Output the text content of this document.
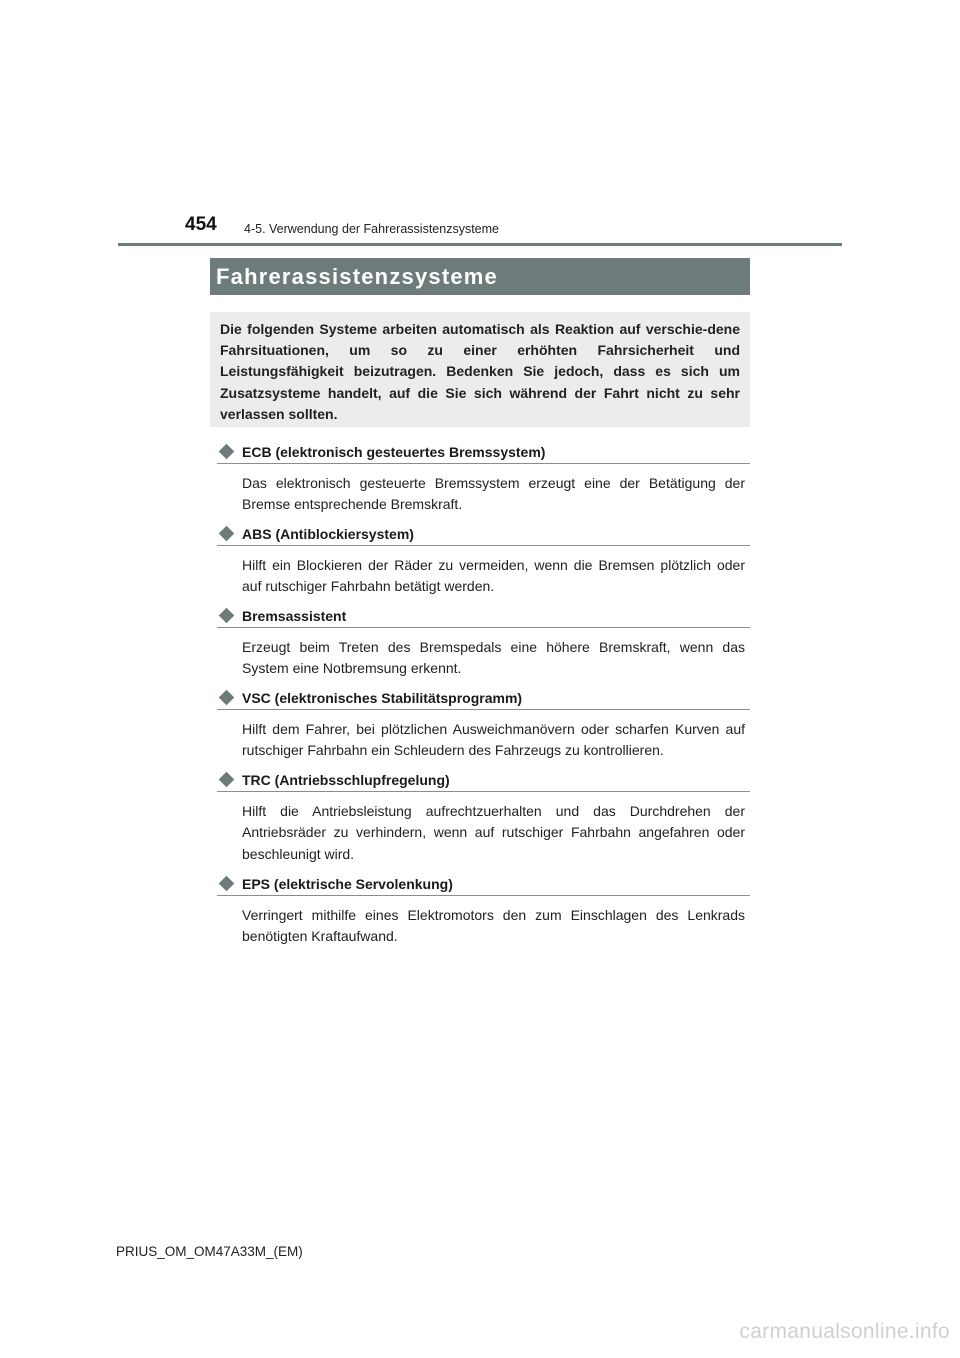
454 4-5. Verwendung der Fahrerassistenzsysteme
Fahrerassistenzsysteme

Die folgenden Systeme arbeiten automatisch als Reaktion auf verschie-dene Fahrsituationen, um so zu einer erhöhten Fahrsicherheit und Leistungsfähigkeit beizutragen. Bedenken Sie jedoch, dass es sich um Zusatzsysteme handelt, auf die Sie sich während der Fahrt nicht zu sehr verlassen sollten.

ECB (elektronisch gesteuertes Bremssystem)
Das elektronisch gesteuerte Bremssystem erzeugt eine der Betätigung der Bremse entsprechende Bremskraft.
ABS (Antiblockiersystem)
Hilft ein Blockieren der Räder zu vermeiden, wenn die Bremsen plötzlich oder auf rutschiger Fahrbahn betätigt werden.
Bremsassistent
Erzeugt beim Treten des Bremspedals eine höhere Bremskraft, wenn das System eine Notbremsung erkennt.
VSC (elektronisches Stabilitätsprogramm)
Hilft dem Fahrer, bei plötzlichen Ausweichmanövern oder scharfen Kurven auf rutschiger Fahrbahn ein Schleudern des Fahrzeugs zu kontrollieren.
TRC (Antriebsschlupfregelung)
Hilft die Antriebsleistung aufrechtzuerhalten und das Durchdrehen der Antriebsräder zu verhindern, wenn auf rutschiger Fahrbahn angefahren oder beschleunigt wird.
EPS (elektrische Servolenkung)
Verringert mithilfe eines Elektromotors den zum Einschlagen des Lenkrads benötigten Kraftaufwand.
PRIUS_OM_OM47A33M_(EM)
carmanualsonline.info
